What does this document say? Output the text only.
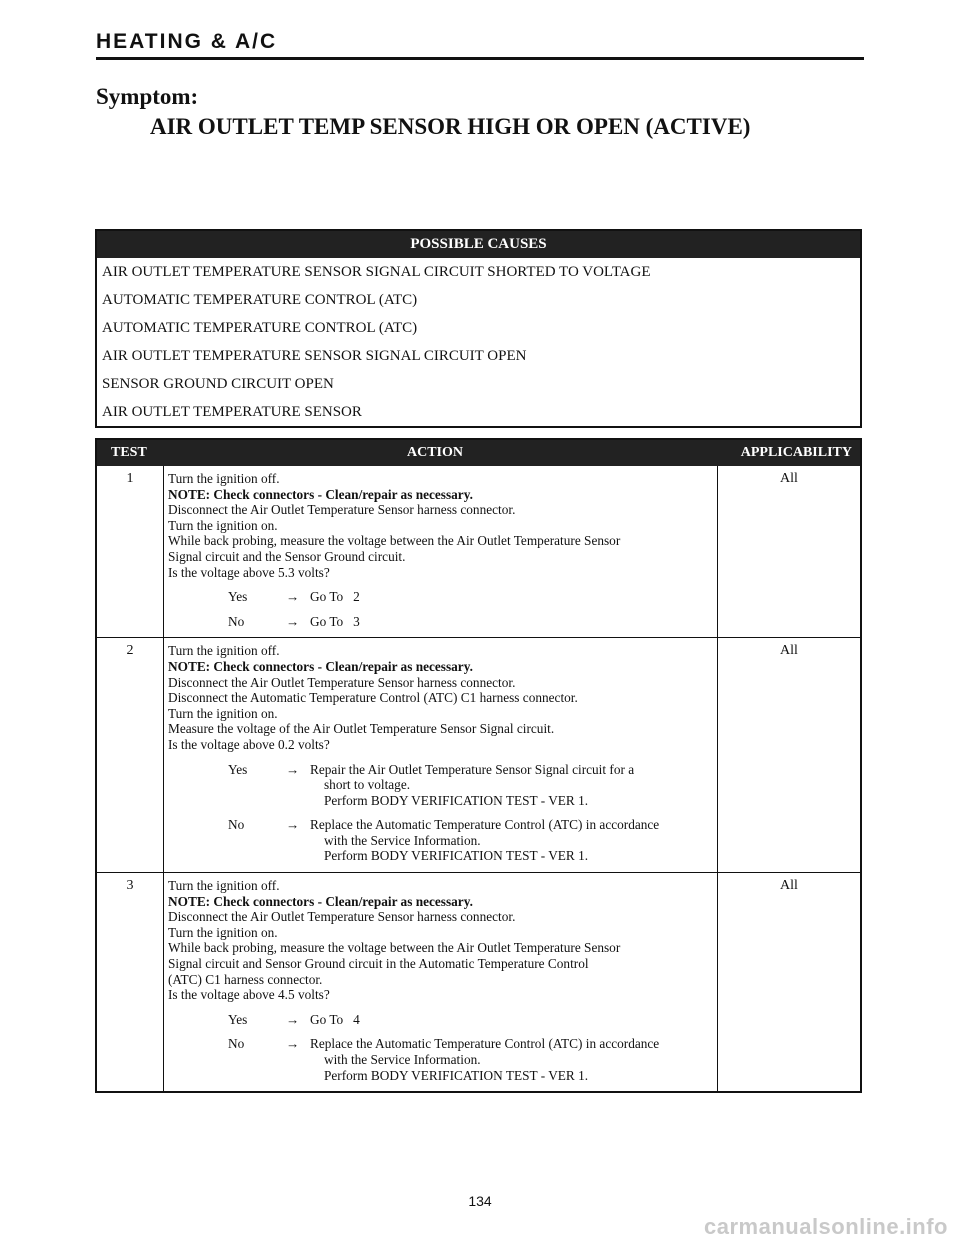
HEATING & A/C
Symptom:
AIR OUTLET TEMP SENSOR HIGH OR OPEN (ACTIVE)
POSSIBLE CAUSES
AIR OUTLET TEMPERATURE SENSOR SIGNAL CIRCUIT SHORTED TO VOLTAGE
AUTOMATIC TEMPERATURE CONTROL (ATC)
AUTOMATIC TEMPERATURE CONTROL (ATC)
AIR OUTLET TEMPERATURE SENSOR SIGNAL CIRCUIT OPEN
SENSOR GROUND CIRCUIT OPEN
AIR OUTLET TEMPERATURE SENSOR
TEST	ACTION	APPLICABILITY
1	Turn the ignition off.
NOTE: Check connectors - Clean/repair as necessary.
Disconnect the Air Outlet Temperature Sensor harness connector.
Turn the ignition on.
While back probing, measure the voltage between the Air Outlet Temperature Sensor
Signal circuit and the Sensor Ground circuit.
Is the voltage above 5.3 volts?
Yes	→ Go To   2
No	→ Go To   3
All
2	Turn the ignition off.
NOTE: Check connectors - Clean/repair as necessary.
Disconnect the Air Outlet Temperature Sensor harness connector.
Disconnect the Automatic Temperature Control (ATC) C1 harness connector.
Turn the ignition on.
Measure the voltage of the Air Outlet Temperature Sensor Signal circuit.
Is the voltage above 0.2 volts?
Yes	→ Repair the Air Outlet Temperature Sensor Signal circuit for a
short to voltage.
Perform BODY VERIFICATION TEST - VER 1.
No	→ Replace the Automatic Temperature Control (ATC) in accordance
with the Service Information.
Perform BODY VERIFICATION TEST - VER 1.
All
3	Turn the ignition off.
NOTE: Check connectors - Clean/repair as necessary.
Disconnect the Air Outlet Temperature Sensor harness connector.
Turn the ignition on.
While back probing, measure the voltage between the Air Outlet Temperature Sensor
Signal circuit and Sensor Ground circuit in the Automatic Temperature Control
(ATC) C1 harness connector.
Is the voltage above 4.5 volts?
Yes	→ Go To   4
No	→ Replace the Automatic Temperature Control (ATC) in accordance
with the Service Information.
Perform BODY VERIFICATION TEST - VER 1.
All
134
carmanualsonline.info
